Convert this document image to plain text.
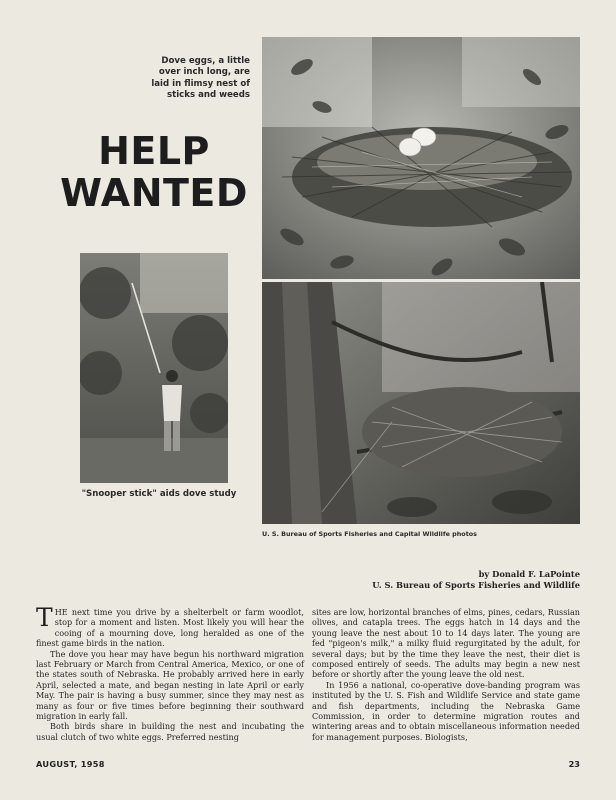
Dove eggs, a little over inch long, are laid in flimsy nest of sticks and weeds
HELP
WANTED
"Snooper stick" aids dove study
U. S. Bureau of Sports Fisheries and Capital Wildlife photos
by Donald F. LaPointe
U. S. Bureau of Sports Fisheries and Wildlife

THE next time you drive by a shelterbelt or farm woodlot, stop for a moment and listen. Most likely you will hear the cooing of a mourning dove, long heralded as one of the finest game birds in the nation.

The dove you hear may have begun his northward migration last February or March from Central America, Mexico, or one of the states south of Nebraska. He probably arrived here in early April, selected a mate, and began nesting in late April or early May. The pair is having a busy summer, since they may nest as many as four or five times before beginning their southward migration in early fall.

Both birds share in building the nest and incubating the usual clutch of two white eggs. Preferred nesting

sites are low, horizontal branches of elms, pines, cedars, Russian olives, and catapla trees. The eggs hatch in 14 days and the young leave the nest about 10 to 14 days later. The young are fed "pigeon's milk," a milky fluid regurgitated by the adult, for several days; but by the time they leave the nest, their diet is composed entirely of seeds. The adults may begin a new nest before or shortly after the young leave the old nest.

In 1956 a national, co-operative dove-banding program was instituted by the U. S. Fish and Wildlife Service and state game and fish departments, including the Nebraska Game Commission, in order to determine migration routes and wintering areas and to obtain miscellaneous information needed for management purposes. Biologists,

AUGUST, 1958	23
